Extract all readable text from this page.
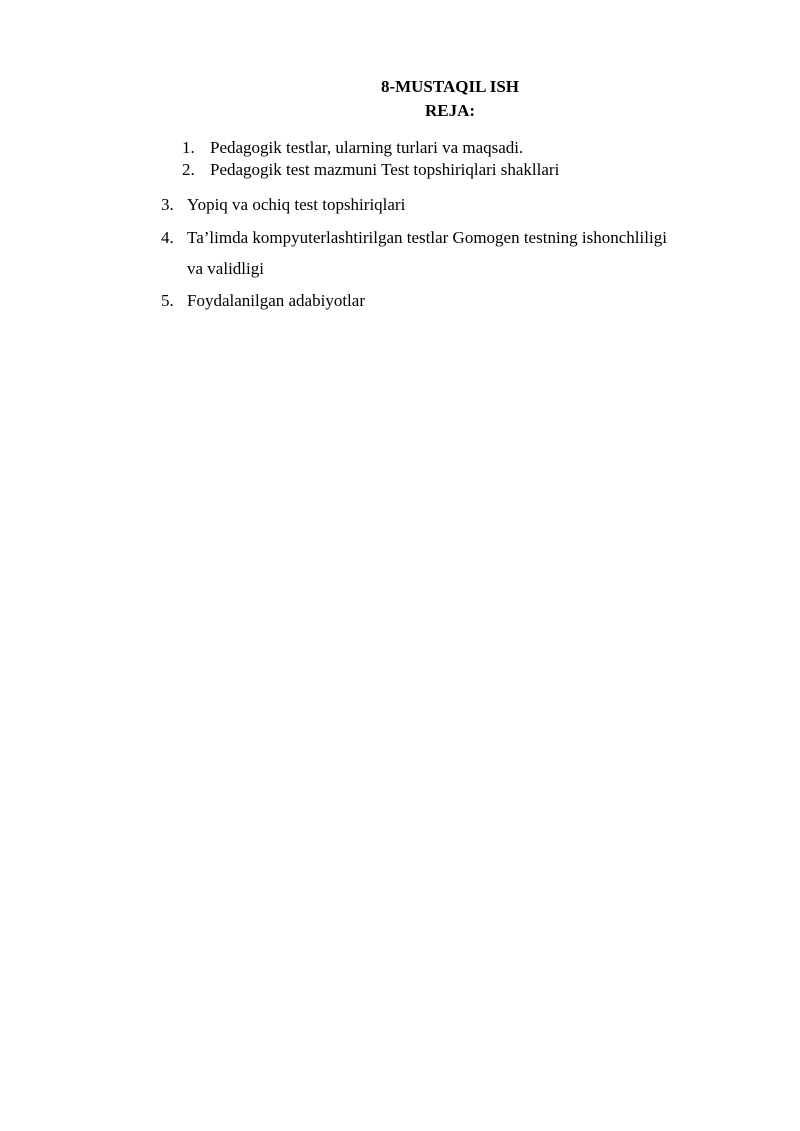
8-MUSTAQIL ISH
REJA:
1. Pedagogik testlar, ularning turlari va maqsadi.
2. Pedagogik test mazmuni Test topshiriqlari shakllari
3. Yopiq va ochiq test topshiriqlari
4. Ta’limda kompyuterlashtirilgan testlar Gomogen testning ishonchliligi
va validligi
5. Foydalanilgan adabiyotlar
